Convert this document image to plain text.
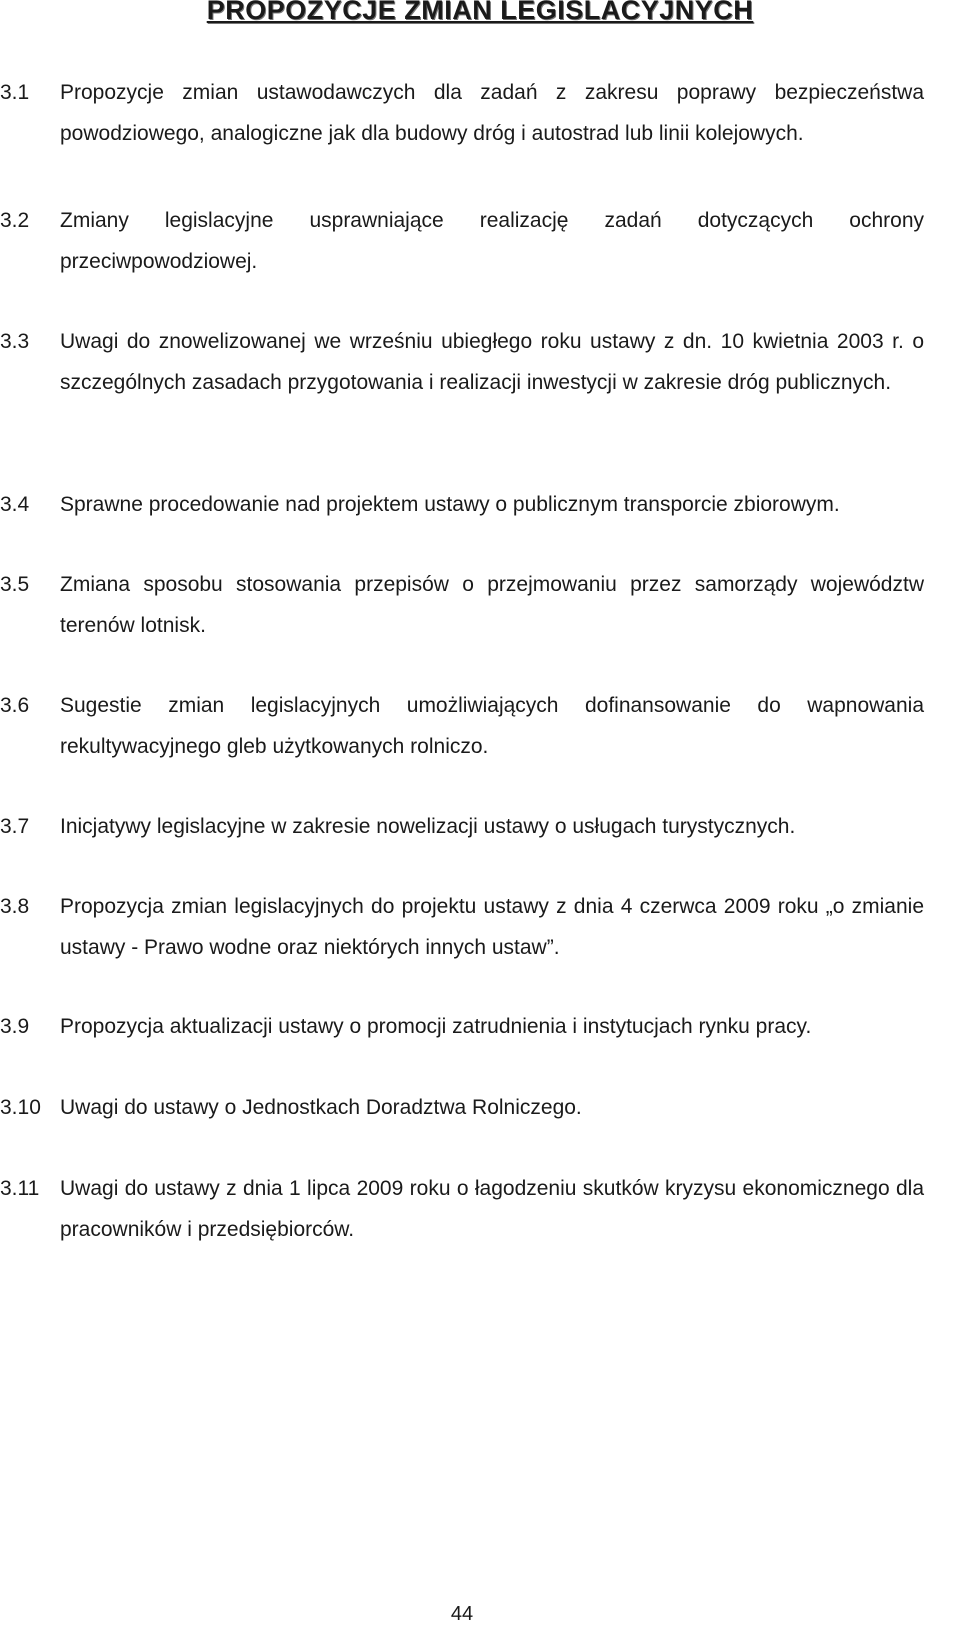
PROPOZYCJE ZMIAN LEGISLACYJNYCH
3.1	Propozycje zmian ustawodawczych dla zadań z zakresu poprawy bezpieczeństwa powodziowego, analogiczne jak dla budowy dróg i autostrad lub linii kolejowych.
3.2	Zmiany legislacyjne usprawniające realizację zadań dotyczących ochrony przeciwpowodziowej.
3.3	Uwagi do znowelizowanej we wrześniu ubiegłego roku ustawy z dn. 10 kwietnia 2003 r. o szczególnych zasadach przygotowania i realizacji inwestycji w zakresie dróg publicznych.
3.4	Sprawne procedowanie nad projektem ustawy o publicznym transporcie zbiorowym.
3.5	Zmiana sposobu stosowania przepisów o przejmowaniu przez samorządy województw terenów lotnisk.
3.6	Sugestie zmian legislacyjnych umożliwiających dofinansowanie do wapnowania rekultywacyjnego gleb użytkowanych rolniczo.
3.7	Inicjatywy legislacyjne w zakresie nowelizacji ustawy o usługach turystycznych.
3.8	Propozycja zmian legislacyjnych do projektu ustawy z dnia 4 czerwca 2009 roku „o zmianie ustawy - Prawo wodne oraz niektórych innych ustaw”.
3.9	Propozycja aktualizacji ustawy o promocji zatrudnienia i instytucjach rynku pracy.
3.10 Uwagi do ustawy o Jednostkach Doradztwa Rolniczego.
3.11 Uwagi do ustawy z dnia 1 lipca 2009 roku o łagodzeniu skutków kryzysu ekonomicznego dla pracowników i przedsiębiorców.
44
